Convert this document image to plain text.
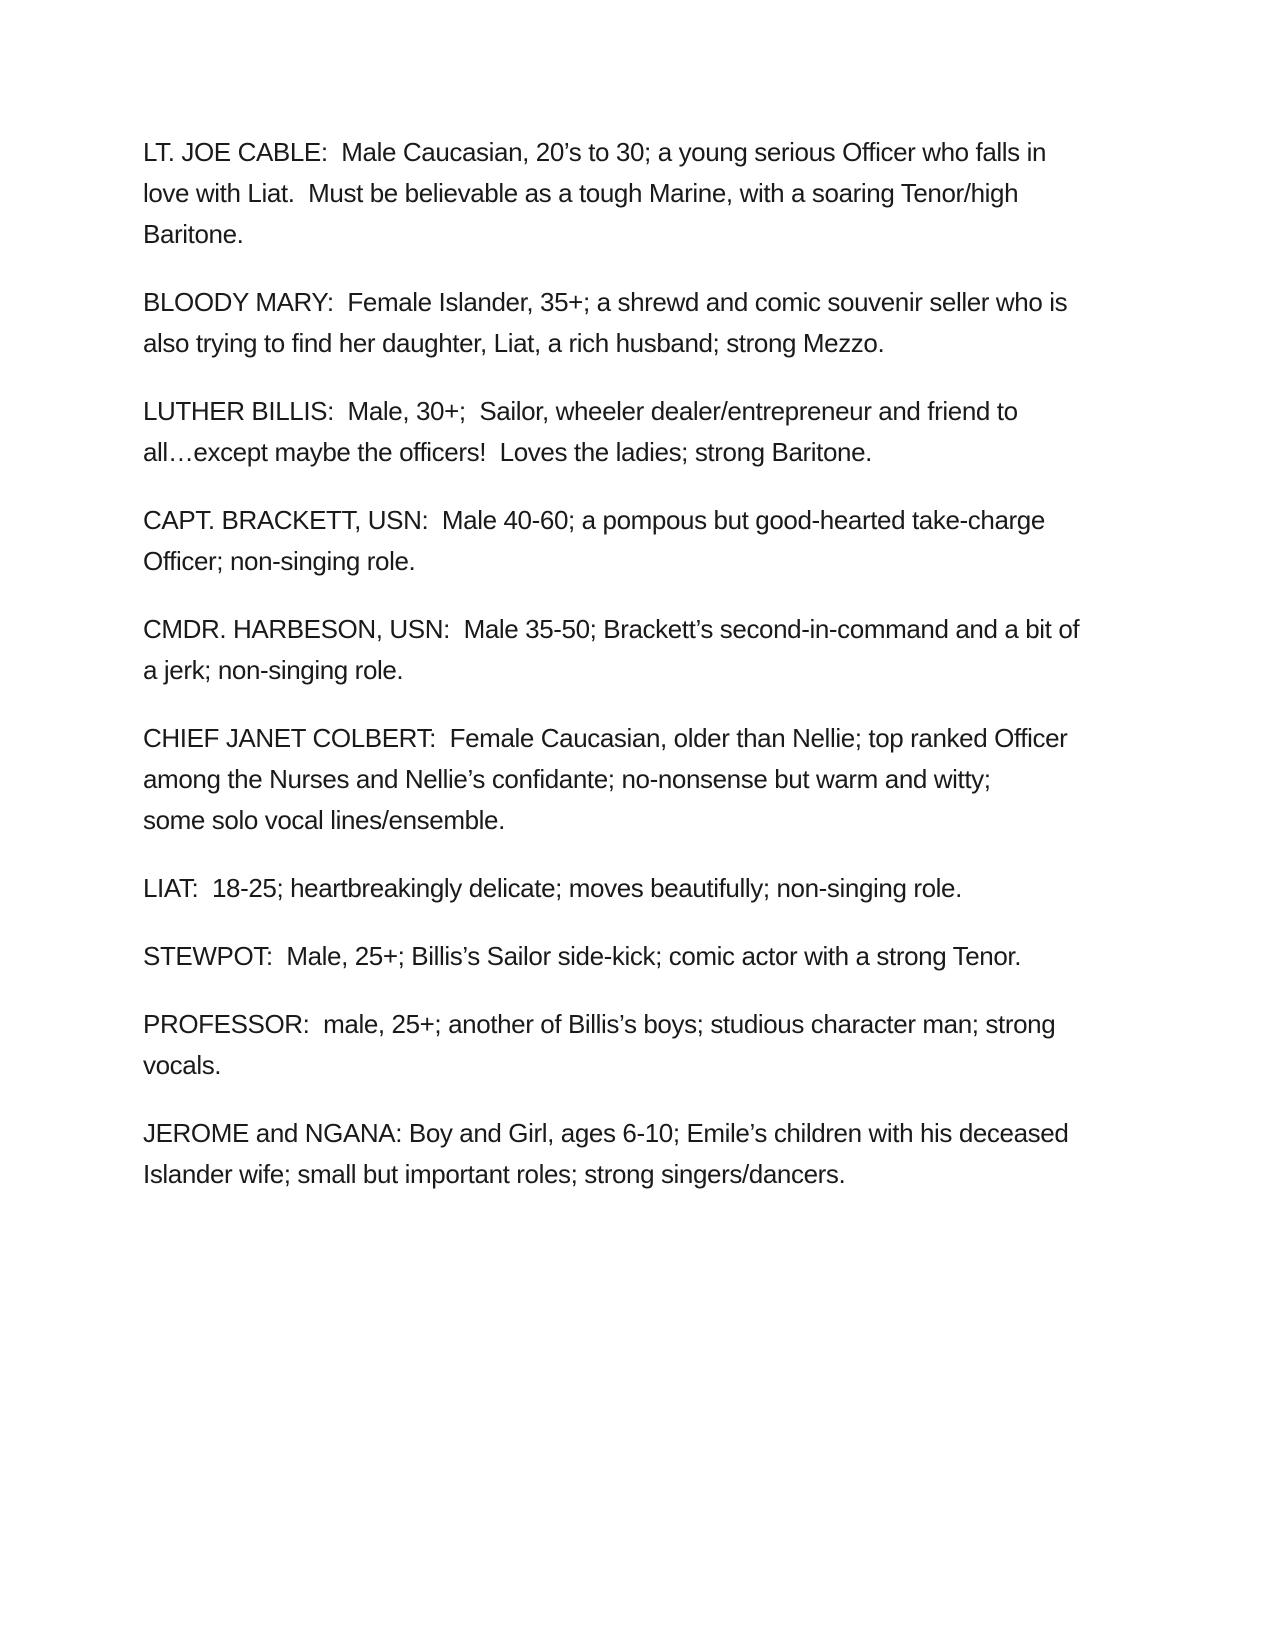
LT. JOE CABLE:  Male Caucasian, 20’s to 30; a young serious Officer who falls in
love with Liat.  Must be believable as a tough Marine, with a soaring Tenor/high
Baritone.

BLOODY MARY:  Female Islander, 35+; a shrewd and comic souvenir seller who is
also trying to find her daughter, Liat, a rich husband; strong Mezzo.

LUTHER BILLIS:  Male, 30+;  Sailor, wheeler dealer/entrepreneur and friend to
all…except maybe the officers!  Loves the ladies; strong Baritone.

CAPT. BRACKETT, USN:  Male 40-60; a pompous but good-hearted take-charge
Officer; non-singing role.

CMDR. HARBESON, USN:  Male 35-50; Brackett’s second-in-command and a bit of
a jerk; non-singing role.

CHIEF JANET COLBERT:  Female Caucasian, older than Nellie; top ranked Officer
among the Nurses and Nellie’s confidante; no-nonsense but warm and witty;
some solo vocal lines/ensemble.

LIAT:  18-25; heartbreakingly delicate; moves beautifully; non-singing role.

STEWPOT:  Male, 25+; Billis’s Sailor side-kick; comic actor with a strong Tenor.

PROFESSOR:  male, 25+; another of Billis’s boys; studious character man; strong
vocals.

JEROME and NGANA: Boy and Girl, ages 6-10; Emile’s children with his deceased
Islander wife; small but important roles; strong singers/dancers.
